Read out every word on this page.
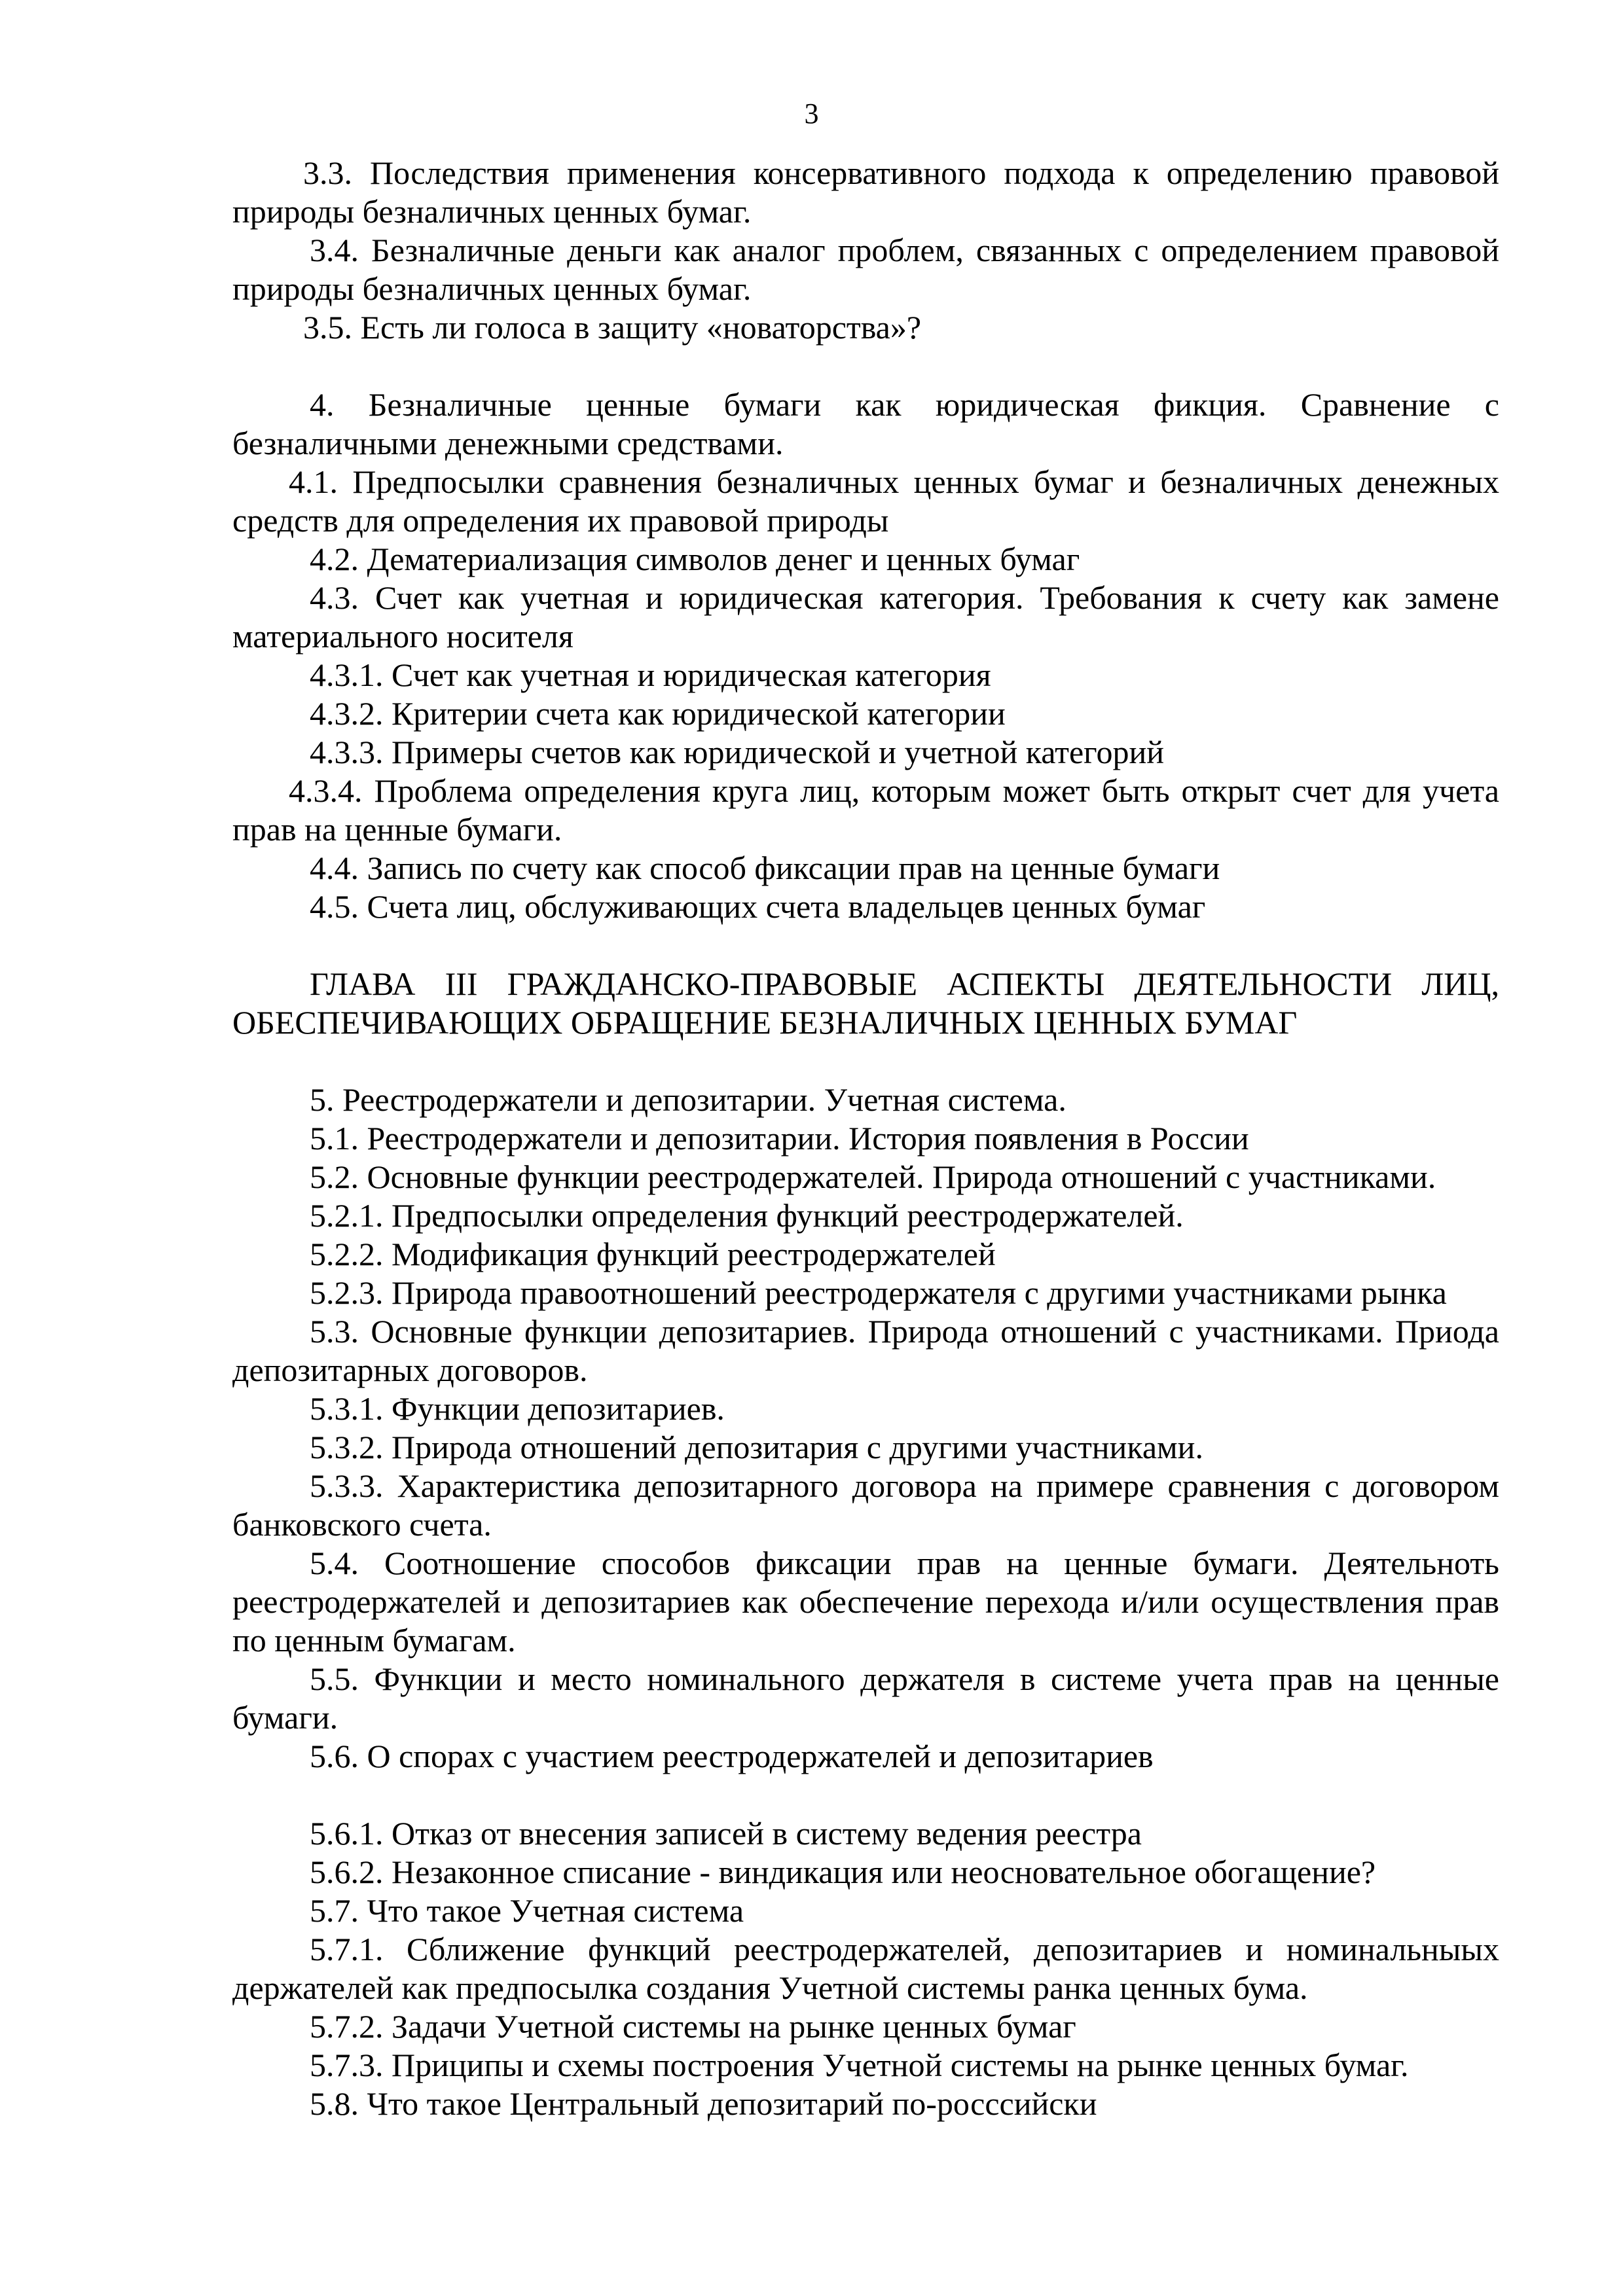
3

3.3. Последствия применения консервативного подхода к определению правовой природы безналичных ценных бумаг.

3.4. Безналичные деньги как аналог проблем, связанных с определением правовой природы безналичных ценных бумаг.

3.5. Есть ли голоса в защиту «новаторства»?

4. Безналичные ценные бумаги как юридическая фикция. Сравнение с безналичными денежными средствами.

4.1. Предпосылки сравнения безналичных ценных бумаг и безналичных денежных средств для определения их правовой природы

4.2. Дематериализация символов денег и ценных бумаг

4.3. Счет как учетная и юридическая категория. Требования к счету как замене материального носителя

4.3.1. Счет как учетная и юридическая категория

4.3.2. Критерии счета как юридической категории

4.3.3. Примеры счетов как юридической и учетной категорий

4.3.4. Проблема определения круга лиц, которым может быть открыт счет для учета прав на ценные бумаги.

4.4. Запись по счету как способ фиксации прав на ценные бумаги

4.5. Счета лиц, обслуживающих счета владельцев ценных бумаг

ГЛАВА III ГРАЖДАНСКО-ПРАВОВЫЕ АСПЕКТЫ ДЕЯТЕЛЬНОСТИ ЛИЦ, ОБЕСПЕЧИВАЮЩИХ ОБРАЩЕНИЕ БЕЗНАЛИЧНЫХ ЦЕННЫХ БУМАГ

5. Реестродержатели и депозитарии. Учетная система.

5.1. Реестродержатели и депозитарии. История появления в России

5.2. Основные функции реестродержателей. Природа отношений с участниками.

5.2.1. Предпосылки определения функций реестродержателей.

5.2.2. Модификация функций реестродержателей

5.2.3. Природа правоотношений реестродержателя с другими участниками рынка

5.3. Основные функции депозитариев. Природа отношений с участниками. Приода депозитарных договоров.

5.3.1. Функции депозитариев.

5.3.2. Природа отношений депозитария с другими участниками.

5.3.3. Характеристика депозитарного договора на примере сравнения с договором банковского счета.

5.4. Соотношение способов фиксации прав на ценные бумаги. Деятельноть реестродержателей и депозитариев как обеспечение перехода и/или осуществления прав по ценным бумагам.

5.5. Функции и место номинального держателя в системе учета прав на ценные бумаги.

5.6. О спорах с участием реестродержателей и депозитариев

5.6.1. Отказ от внесения записей в систему ведения реестра

5.6.2. Незаконное списание - виндикация или неосновательное обогащение?

5.7. Что такое Учетная система

5.7.1. Сближение функций реестродержателей, депозитариев и номинальныых держателей как предпосылка создания Учетной системы ранка ценных бума.

5.7.2. Задачи Учетной системы на рынке ценных бумаг

5.7.3. Приципы и схемы построения Учетной системы на рынке ценных бумаг.

5.8. Что такое Центральный депозитарий по-росссийски
